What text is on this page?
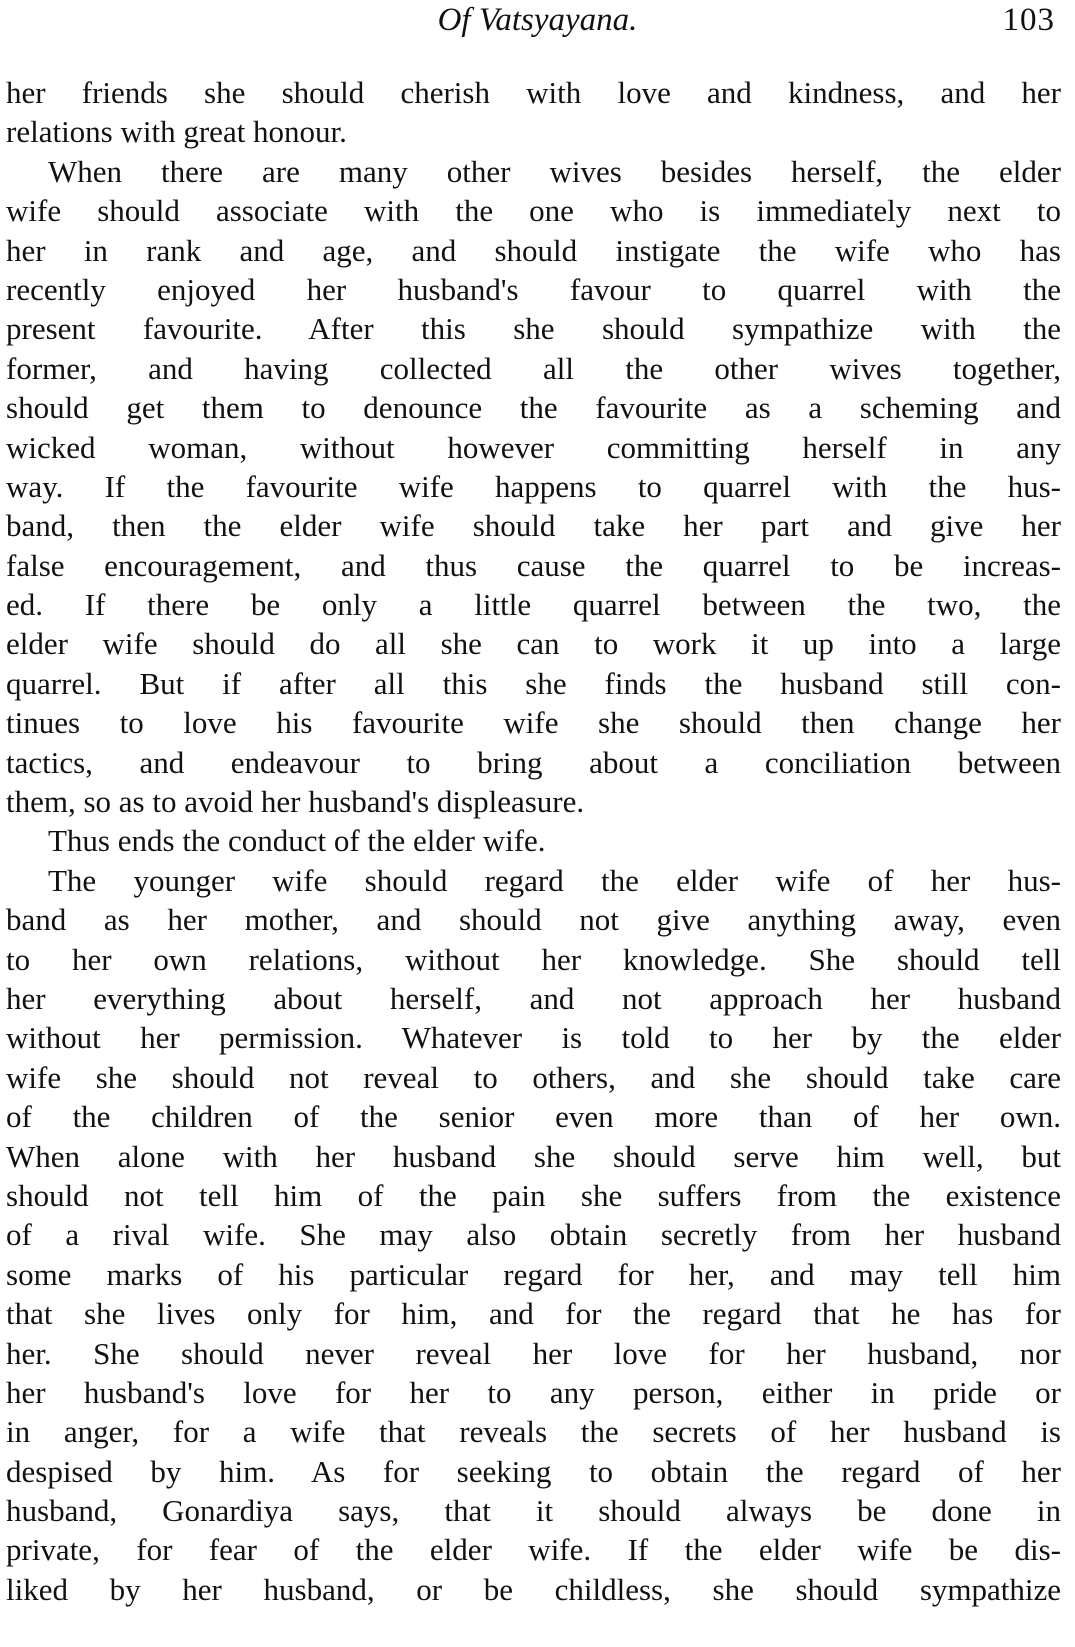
Of Vatsyayana.	103
her friends she should cherish with love and kindness, and her
relations with great honour.
When there are many other wives besides herself, the elder
wife should associate with the one who is immediately next to
her in rank and age, and should instigate the wife who has
recently enjoyed her husband's favour to quarrel with the
present favourite. After this she should sympathize with the
former, and having collected all the other wives together,
should get them to denounce the favourite as a scheming and
wicked woman, without however committing herself in any
way. If the favourite wife happens to quarrel with the hus-
band, then the elder wife should take her part and give her
false encouragement, and thus cause the quarrel to be increas-
ed. If there be only a little quarrel between the two, the
elder wife should do all she can to work it up into a large
quarrel. But if after all this she finds the husband still con-
tinues to love his favourite wife she should then change her
tactics, and endeavour to bring about a conciliation between
them, so as to avoid her husband's displeasure.
Thus ends the conduct of the elder wife.
The younger wife should regard the elder wife of her hus-
band as her mother, and should not give anything away, even
to her own relations, without her knowledge. She should tell
her everything about herself, and not approach her husband
without her permission. Whatever is told to her by the elder
wife she should not reveal to others, and she should take care
of the children of the senior even more than of her own.
When alone with her husband she should serve him well, but
should not tell him of the pain she suffers from the existence
of a rival wife. She may also obtain secretly from her husband
some marks of his particular regard for her, and may tell him
that she lives only for him, and for the regard that he has for
her. She should never reveal her love for her husband, nor
her husband's love for her to any person, either in pride or
in anger, for a wife that reveals the secrets of her husband is
despised by him. As for seeking to obtain the regard of her
husband, Gonardiya says, that it should always be done in
private, for fear of the elder wife. If the elder wife be dis-
liked by her husband, or be childless, she should sympathize
